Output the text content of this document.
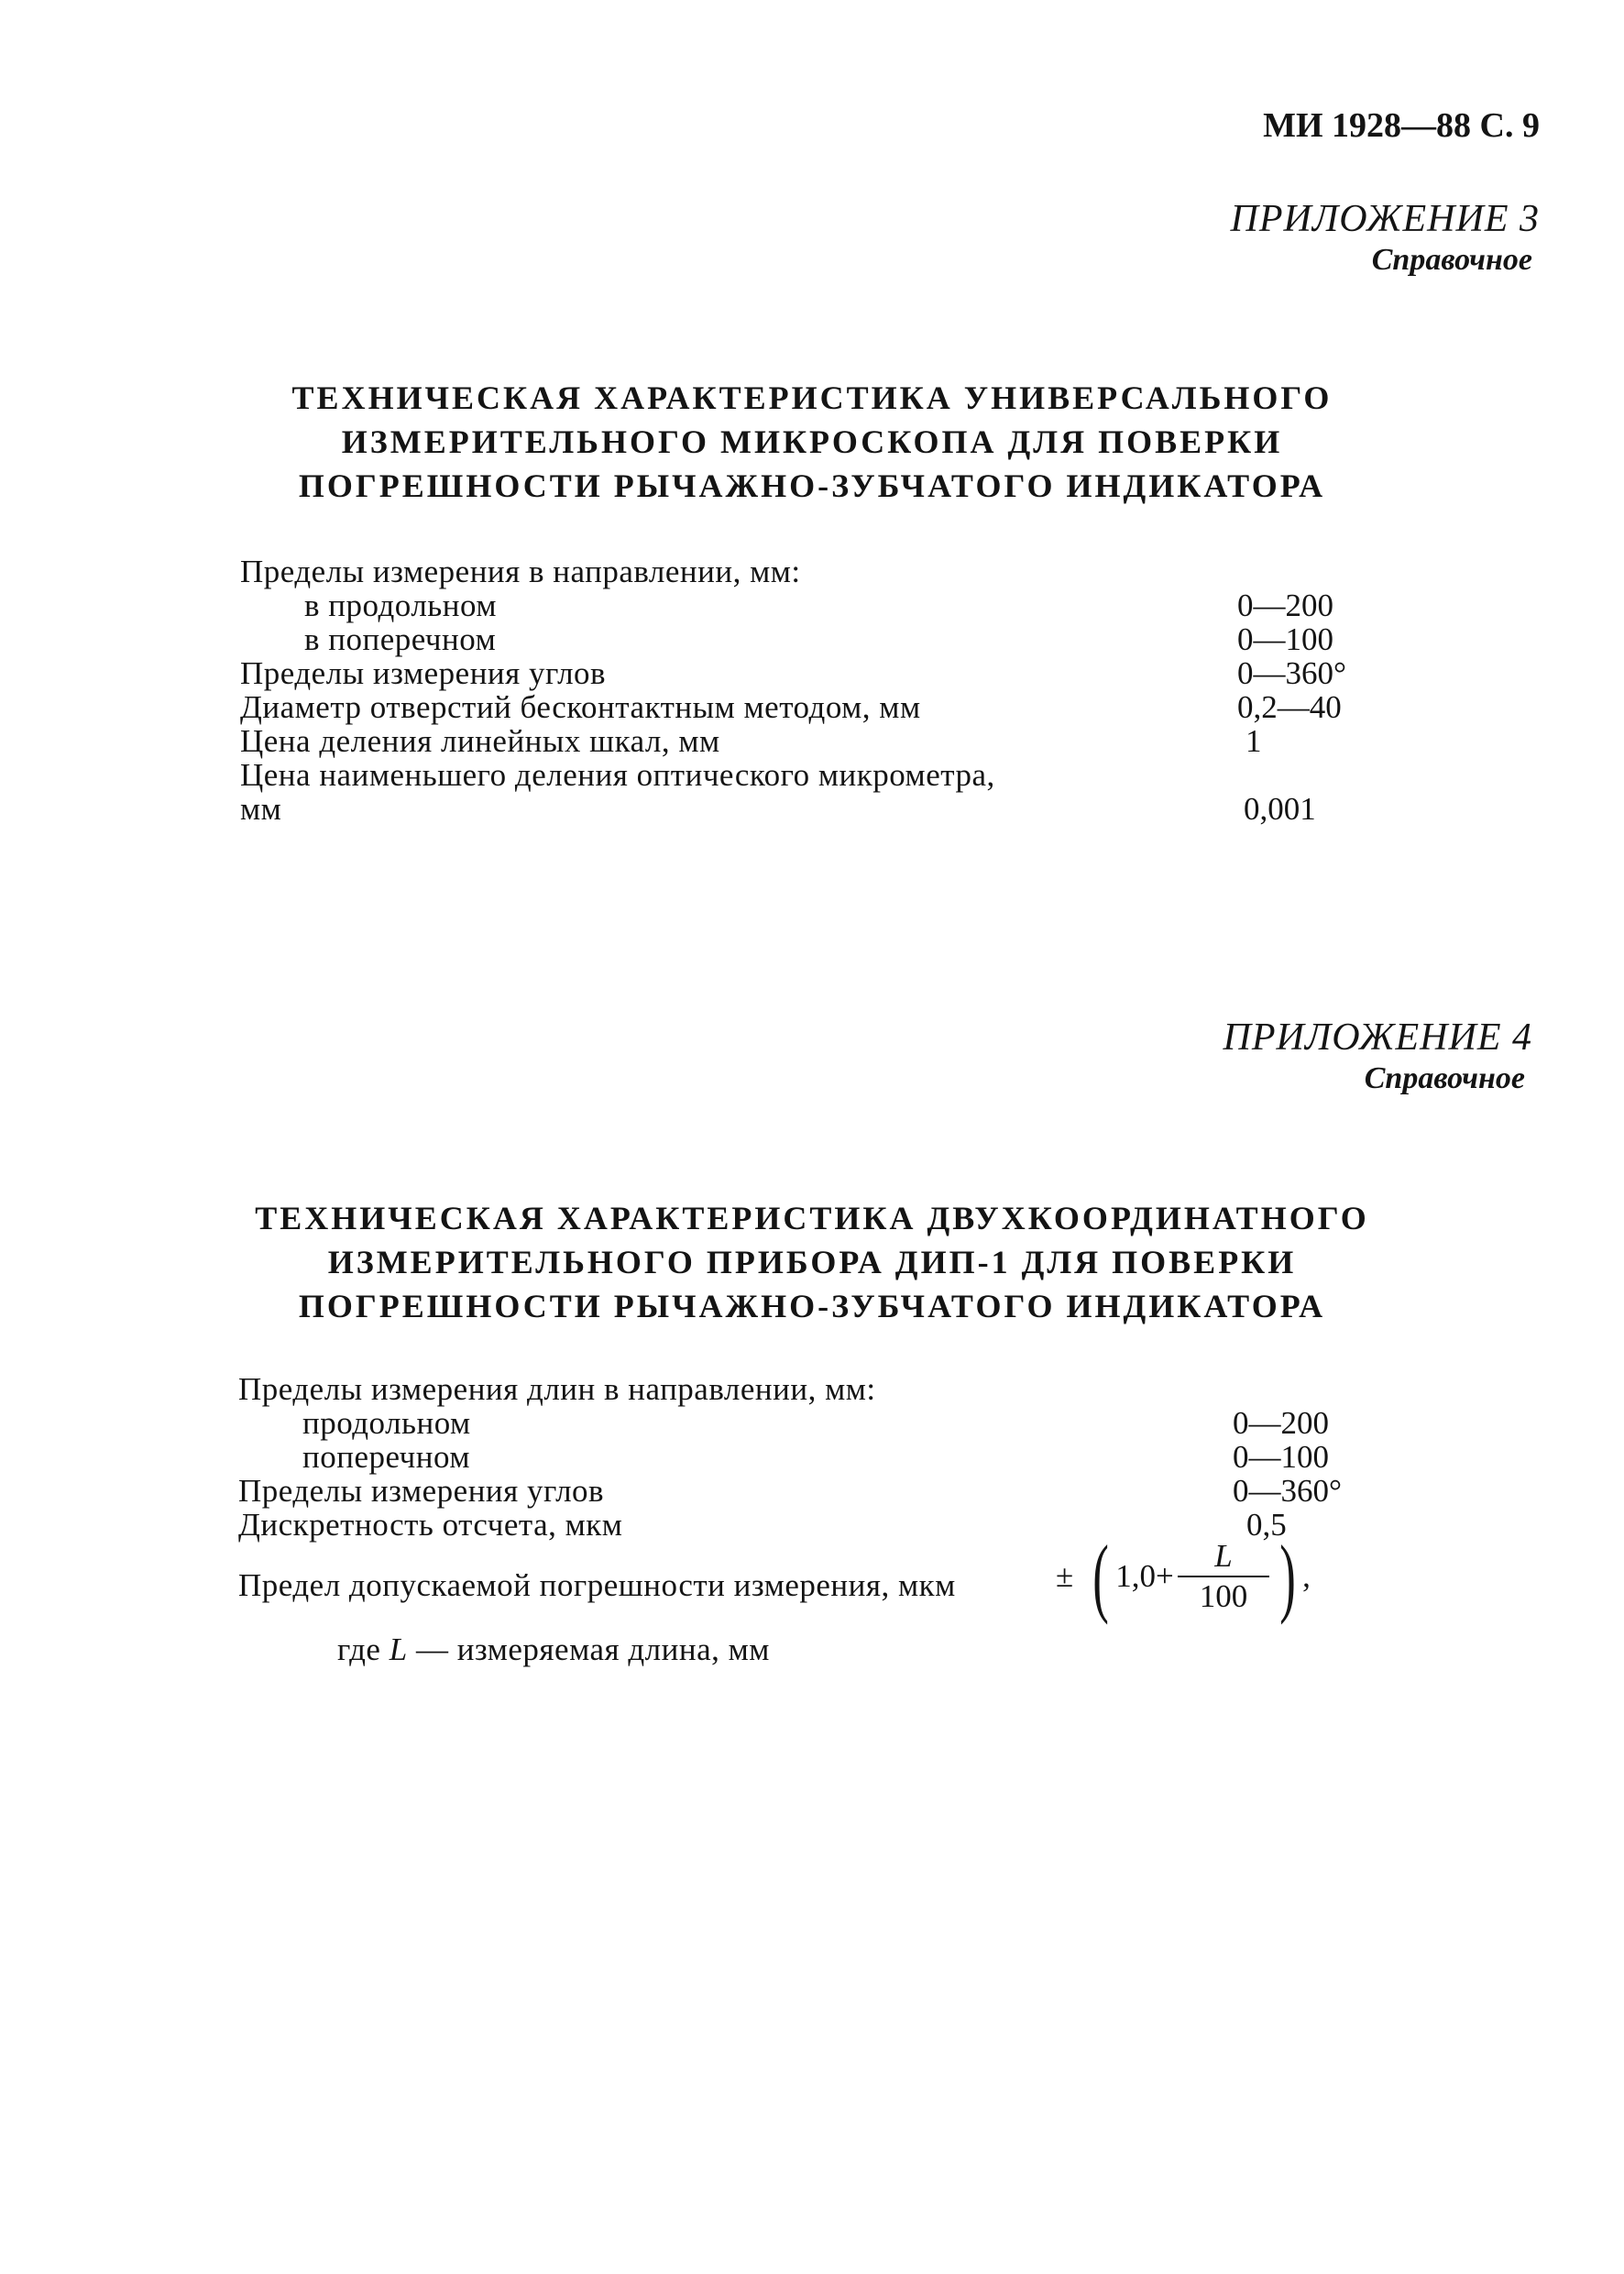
МИ 1928—88 С. 9
ПРИЛОЖЕНИЕ 3
Справочное
ТЕХНИЧЕСКАЯ ХАРАКТЕРИСТИКА УНИВЕРСАЛЬНОГО
ИЗМЕРИТЕЛЬНОГО МИКРОСКОПА ДЛЯ ПОВЕРКИ
ПОГРЕШНОСТИ РЫЧАЖНО-ЗУБЧАТОГО ИНДИКАТОРА
Пределы измерения в направлении, мм:
в продольном	0—200
в поперечном	0—100
Пределы измерения углов	0—360°
Диаметр отверстий бесконтактным методом, мм	0,2—40
Цена деления линейных шкал, мм	1
Цена наименьшего деления оптического микрометра,
мм	0,001
ПРИЛОЖЕНИЕ 4
Справочное
ТЕХНИЧЕСКАЯ ХАРАКТЕРИСТИКА ДВУХКООРДИНАТНОГО
ИЗМЕРИТЕЛЬНОГО ПРИБОРА ДИП-1 ДЛЯ ПОВЕРКИ
ПОГРЕШНОСТИ РЫЧАЖНО-ЗУБЧАТОГО ИНДИКАТОРА
Пределы измерения длин в направлении, мм:
продольном	0—200
поперечном	0—100
Пределы измерения углов	0—360°
Дискретность отсчета, мкм	0,5
Предел допускаемой погрешности измерения, мкм	± ( $1,0+ \frac{L}{100}$ ) ,
где L — измеряемая длина, мм
